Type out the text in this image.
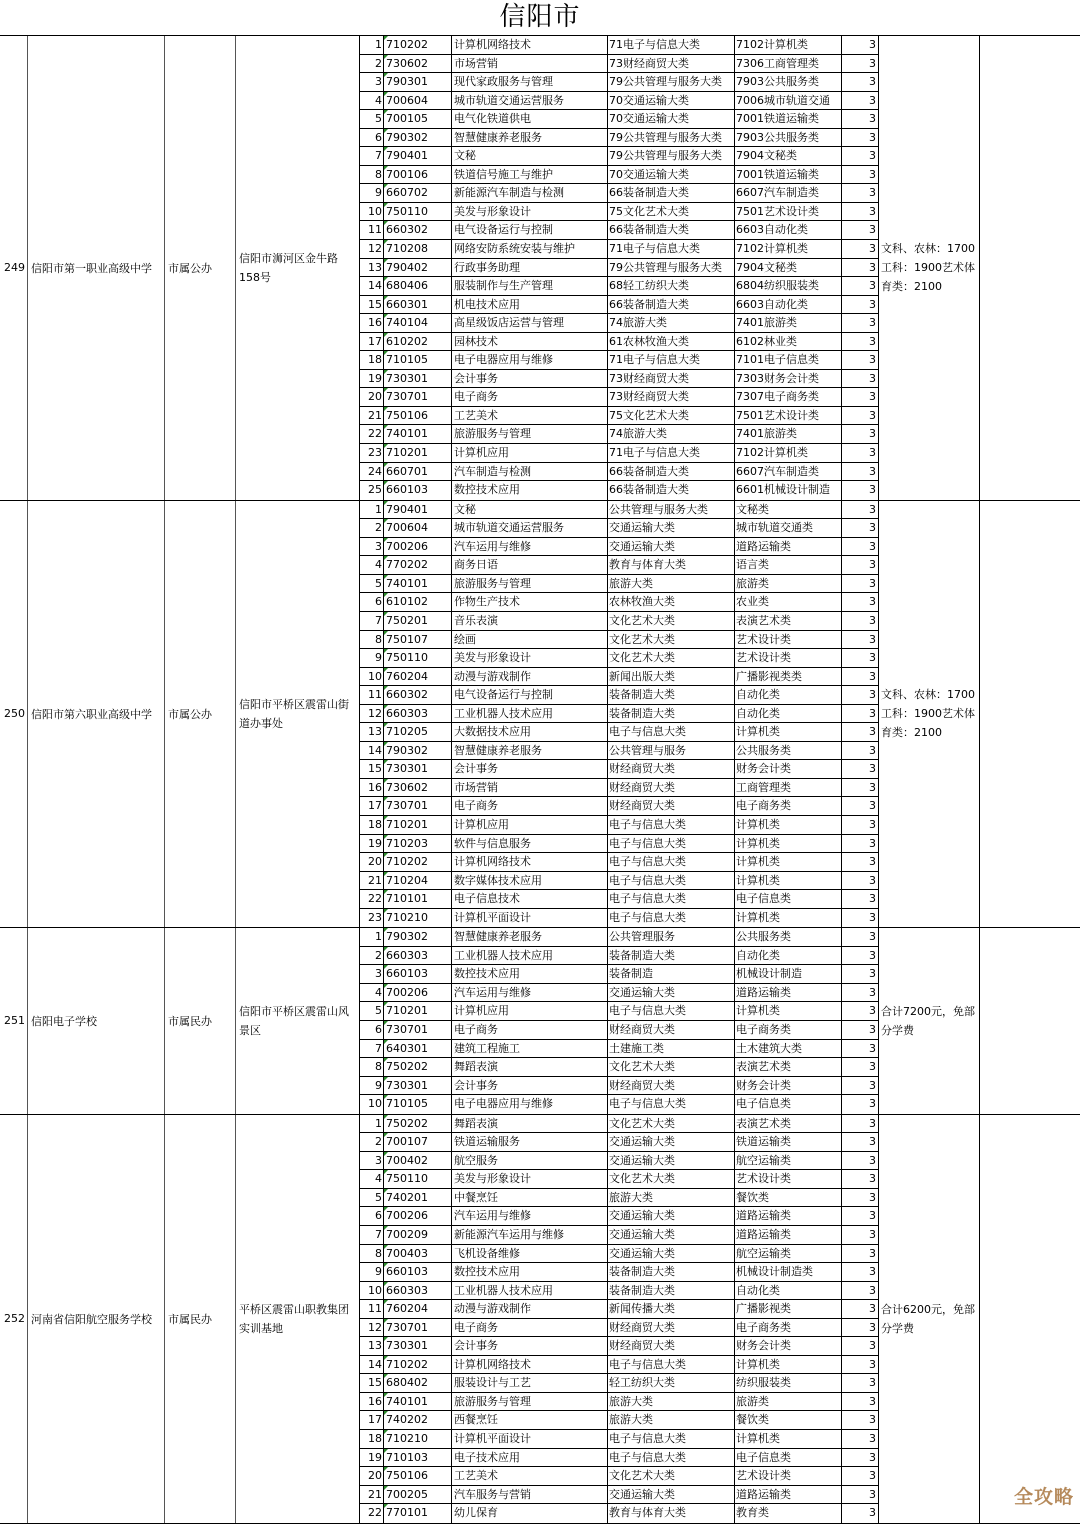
信阳市
249 信阳市第一职业高级中学	市属公办
信阳市浉河区金牛路158号
1 710202	计算机网络技术	71电子与信息大类	7102计算机类	3
2 730602	市场营销	73财经商贸大类	7306工商管理类	3
3 790301	现代家政服务与管理	79公共管理与服务大类	7903公共服务类	3
4 700604	城市轨道交通运营服务	70交通运输大类	7006城市轨道交通	3
5 700105	电气化铁道供电	70交通运输大类	7001铁道运输类	3
6 790302	智慧健康养老服务	79公共管理与服务大类	7903公共服务类	3
7 790401	文秘	79公共管理与服务大类	7904文秘类	3
8 700106	铁道信号施工与维护	70交通运输大类	7001铁道运输类	3
9 660702	新能源汽车制造与检测	66装备制造大类	6607汽车制造类	3
10 750110	美发与形象设计	75文化艺术大类	7501艺术设计类	3
11 660302	电气设备运行与控制	66装备制造大类	6603自动化类	3
12 710208	网络安防系统安装与维护	71电子与信息大类	7102计算机类	3
13 790402	行政事务助理	79公共管理与服务大类	7904文秘类	3
14 680406	服装制作与生产管理	68轻工纺织大类	6804纺织服装类	3
15 660301	机电技术应用	66装备制造大类	6603自动化类	3
16 740104	高星级饭店运营与管理	74旅游大类	7401旅游类	3
17 610202	园林技术	61农林牧渔大类	6102林业类	3
18 710105	电子电器应用与维修	71电子与信息大类	7101电子信息类	3
19 730301	会计事务	73财经商贸大类	7303财务会计类	3
20 730701	电子商务	73财经商贸大类	7307电子商务类	3
21 750106	工艺美术	75文化艺术大类	7501艺术设计类	3
22 740101	旅游服务与管理	74旅游大类	7401旅游类	3
23 710201	计算机应用	71电子与信息大类	7102计算机类	3
24 660701	汽车制造与检测	66装备制造大类	6607汽车制造类	3
25 660103	数控技术应用	66装备制造大类	6601机械设计制造	3
文科、农林：1700工科：1900艺术体育类：2100
250 信阳市第六职业高级中学	市属公办
信阳市平桥区震雷山街道办事处
1 790401	文秘	公共管理与服务大类	文秘类	3
2 700604	城市轨道交通运营服务	交通运输大类	城市轨道交通类	3
3 700206	汽车运用与维修	交通运输大类	道路运输类	3
4 770202	商务日语	教育与体育大类	语言类	3
5 740101	旅游服务与管理	旅游大类	旅游类	3
6 610102	作物生产技术	农林牧渔大类	农业类	3
7 750201	音乐表演	文化艺术大类	表演艺术类	3
8 750107	绘画	文化艺术大类	艺术设计类	3
9 750110	美发与形象设计	文化艺术大类	艺术设计类	3
10 760204	动漫与游戏制作	新闻出版大类	广播影视类类	3
11 660302	电气设备运行与控制	装备制造大类	自动化类	3
12 660303	工业机器人技术应用	装备制造大类	自动化类	3
13 710205	大数据技术应用	电子与信息大类	计算机类	3
14 790302	智慧健康养老服务	公共管理与服务	公共服务类	3
15 730301	会计事务	财经商贸大类	财务会计类	3
16 730602	市场营销	财经商贸大类	工商管理类	3
17 730701	电子商务	财经商贸大类	电子商务类	3
18 710201	计算机应用	电子与信息大类	计算机类	3
19 710203	软件与信息服务	电子与信息大类	计算机类	3
20 710202	计算机网络技术	电子与信息大类	计算机类	3
21 710204	数字媒体技术应用	电子与信息大类	计算机类	3
22 710101	电子信息技术	电子与信息大类	电子信息类	3
23 710210	计算机平面设计	电子与信息大类	计算机类	3
文科、农林：1700工科：1900艺术体育类：2100
251 信阳电子学校	市属民办
信阳市平桥区震雷山风景区
1 790302	智慧健康养老服务	公共管理服务	公共服务类	3
2 660303	工业机器人技术应用	装备制造大类	自动化类	3
3 660103	数控技术应用	装备制造	机械设计制造	3
4 700206	汽车运用与维修	交通运输大类	道路运输类	3
5 710201	计算机应用	电子与信息大类	计算机类	3
6 730701	电子商务	财经商贸大类	电子商务类	3
7 640301	建筑工程施工	土建施工类	土木建筑大类	3
8 750202	舞蹈表演	文化艺术大类	表演艺术类	3
9 730301	会计事务	财经商贸大类	财务会计类	3
10 710105	电子电器应用与维修	电子与信息大类	电子信息类	3
合计7200元，免部分学费
252 河南省信阳航空服务学校	市属民办
平桥区震雷山职教集团实训基地
1 750202	舞蹈表演	文化艺术大类	表演艺术类	3
2 700107	铁道运输服务	交通运输大类	铁道运输类	3
3 700402	航空服务	交通运输大类	航空运输类	3
4 750110	美发与形象设计	文化艺术大类	艺术设计类	3
5 740201	中餐烹饪	旅游大类	餐饮类	3
6 700206	汽车运用与维修	交通运输大类	道路运输类	3
7 700209	新能源汽车运用与维修	交通运输大类	道路运输类	3
8 700403	飞机设备维修	交通运输大类	航空运输类	3
9 660103	数控技术应用	装备制造大类	机械设计制造类	3
10 660303	工业机器人技术应用	装备制造大类	自动化类	3
11 760204	动漫与游戏制作	新闻传播大类	广播影视类	3
12 730701	电子商务	财经商贸大类	电子商务类	3
13 730301	会计事务	财经商贸大类	财务会计类	3
14 710202	计算机网络技术	电子与信息大类	计算机类	3
15 680402	服装设计与工艺	轻工纺织大类	纺织服装类	3
16 740101	旅游服务与管理	旅游大类	旅游类	3
17 740202	西餐烹饪	旅游大类	餐饮类	3
18 710210	计算机平面设计	电子与信息大类	计算机类	3
19 710103	电子技术应用	电子与信息大类	电子信息类	3
20 750106	工艺美术	文化艺术大类	艺术设计类	3
21 700205	汽车服务与营销	交通运输大类	道路运输类	3
22 770101	幼儿保育	教育与体育大类	教育类	3
合计6200元，免部分学费
全攻略
